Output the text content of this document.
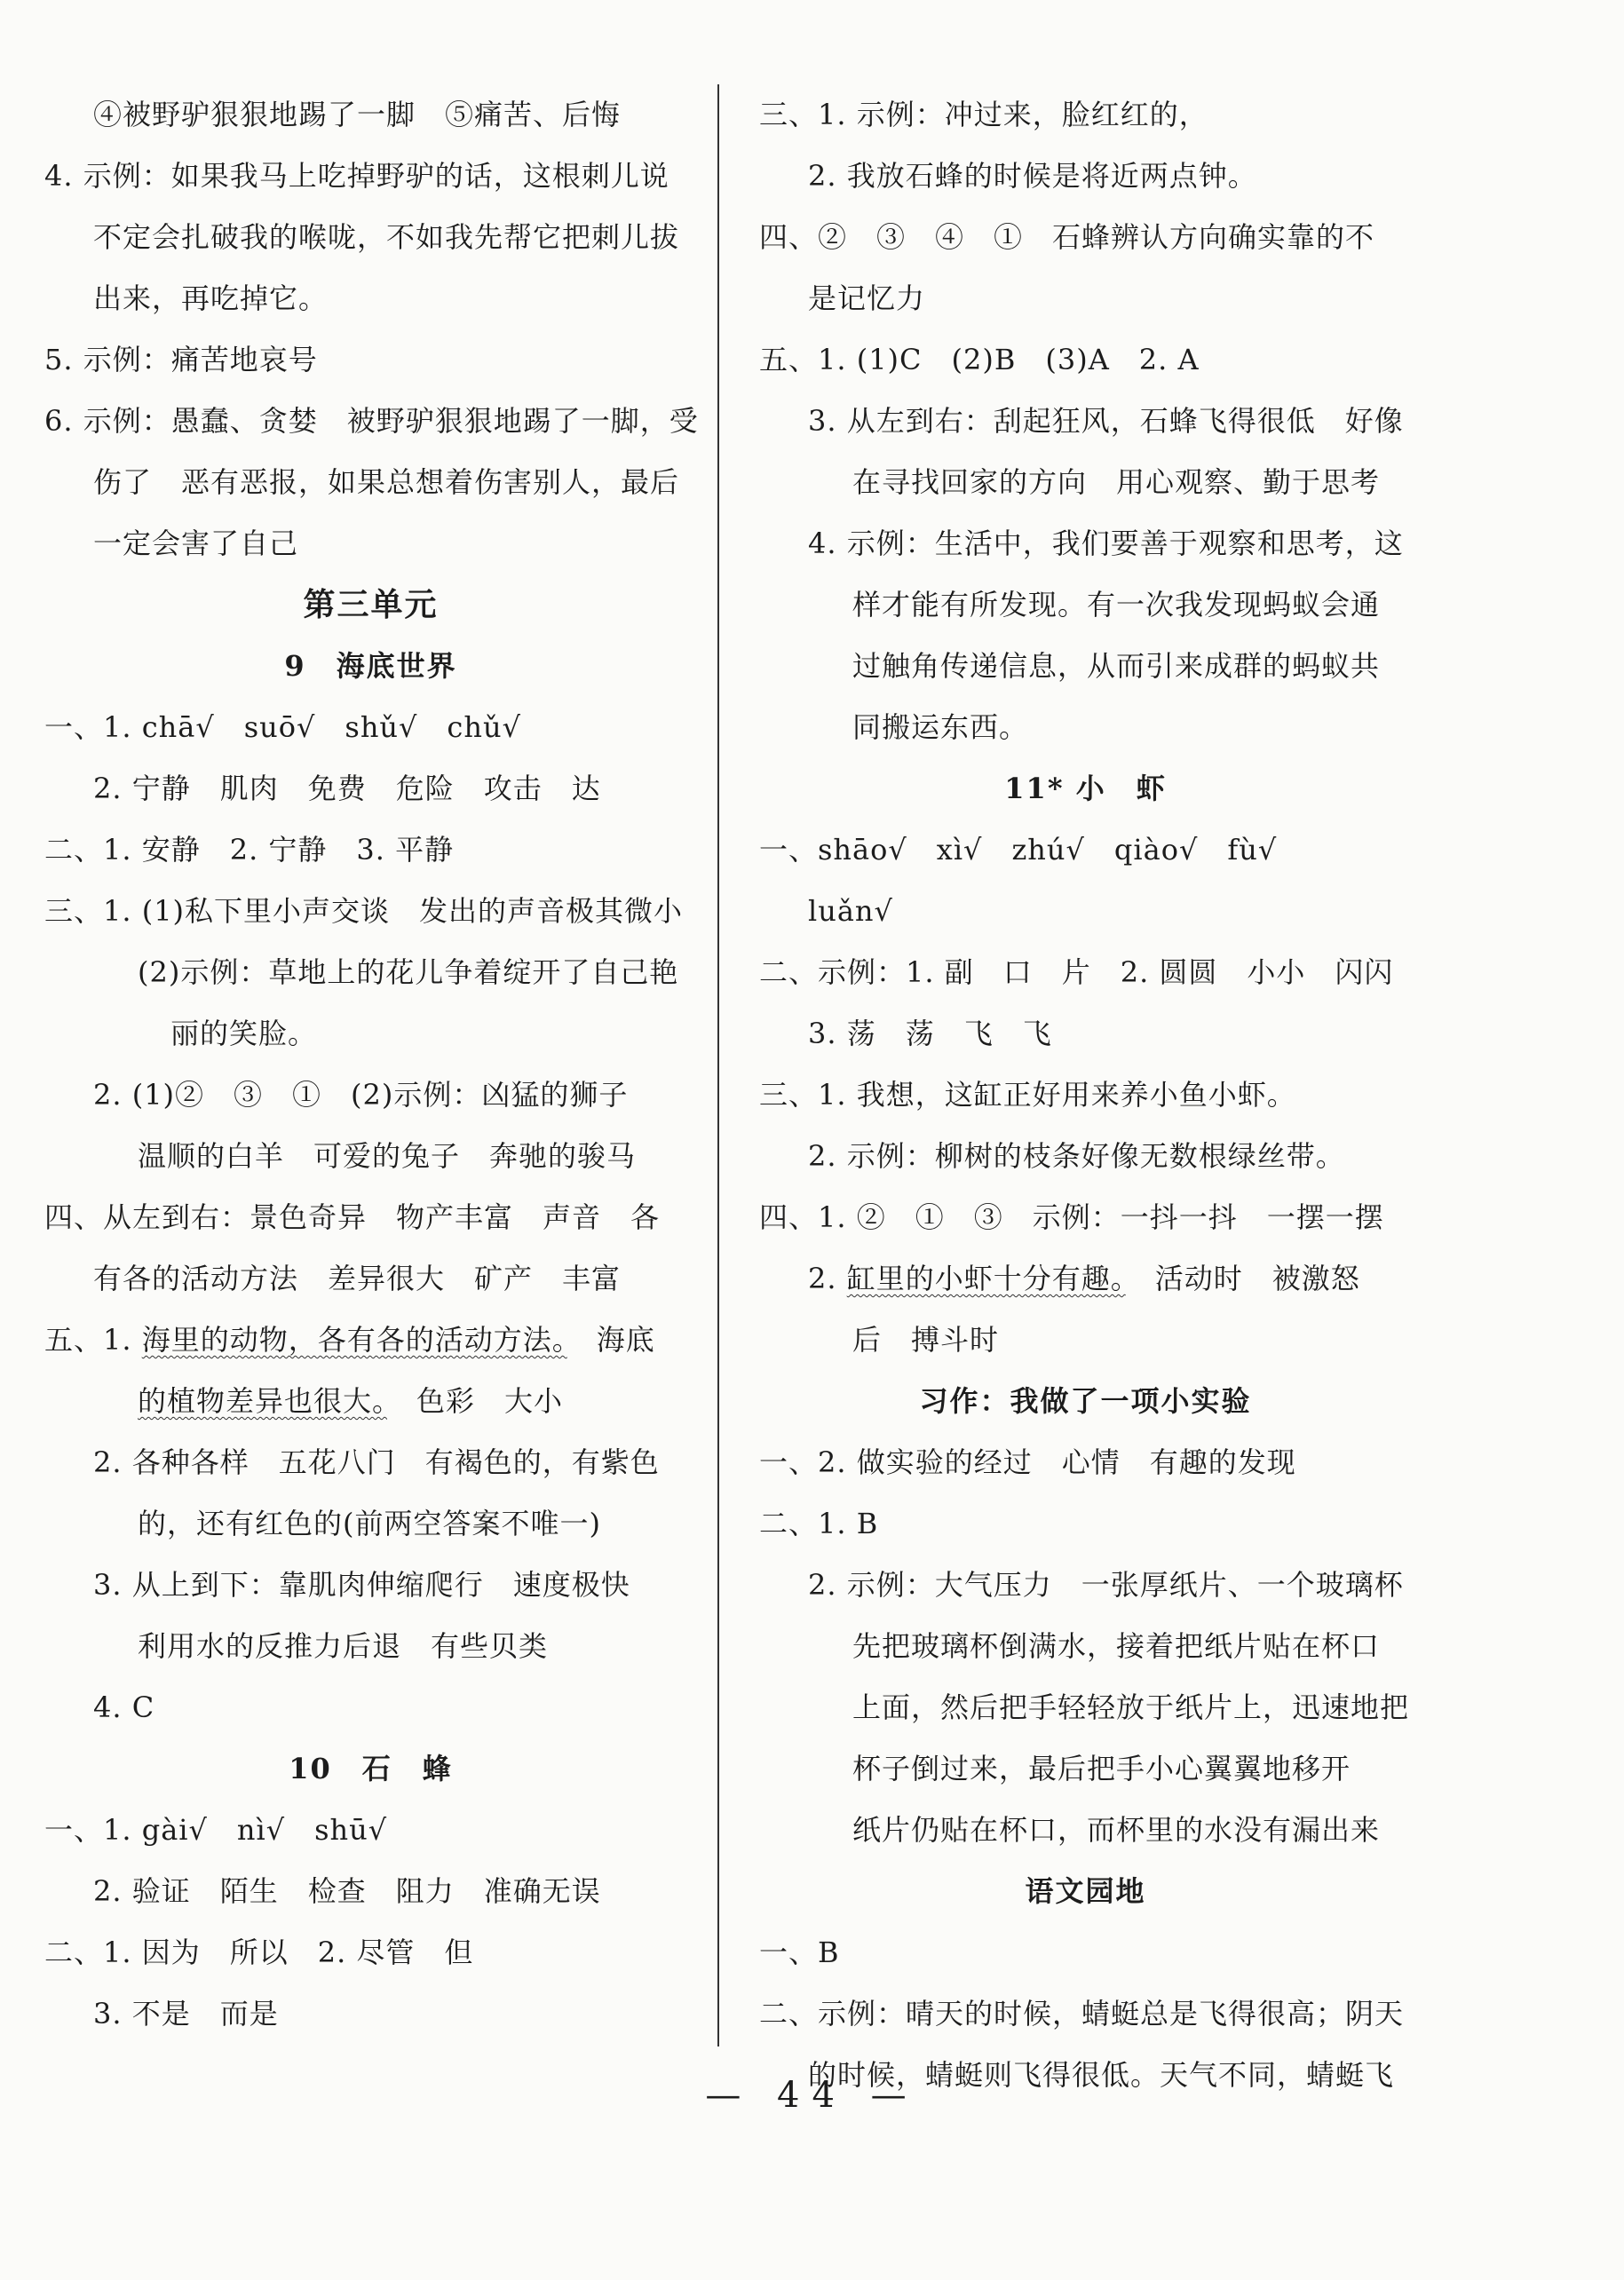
④被野驴狠狠地踢了一脚　⑤痛苦、后悔
4. 示例：如果我马上吃掉野驴的话，这根刺儿说
不定会扎破我的喉咙，不如我先帮它把刺儿拔
出来，再吃掉它。
5. 示例：痛苦地哀号
6. 示例：愚蠢、贪婪　被野驴狠狠地踢了一脚，受
伤了　恶有恶报，如果总想着伤害别人，最后
一定会害了自己
第三单元
9　海底世界
一、1. chā√　suō√　shǔ√　chǔ√
2. 宁静　肌肉　免费　危险　攻击　达
二、1. 安静　2. 宁静　3. 平静
三、1. (1)私下里小声交谈　发出的声音极其微小
(2)示例：草地上的花儿争着绽开了自己艳
丽的笑脸。
2. (1)②　③　①　(2)示例：凶猛的狮子
温顺的白羊　可爱的兔子　奔驰的骏马
四、从左到右：景色奇异　物产丰富　声音　各
有各的活动方法　差异很大　矿产　丰富
五、1. 海里的动物，各有各的活动方法。　海底
的植物差异也很大。　色彩　大小
2. 各种各样　五花八门　有褐色的，有紫色
的，还有红色的(前两空答案不唯一)
3. 从上到下：靠肌肉伸缩爬行　速度极快
利用水的反推力后退　有些贝类
4. C
10　石　蜂
一、1. gài√　nì√　shū√
2. 验证　陌生　检查　阻力　准确无误
二、1. 因为　所以　2. 尽管　但
3. 不是　而是
三、1. 示例：冲过来，脸红红的，
2. 我放石蜂的时候是将近两点钟。
四、②　③　④　①　石蜂辨认方向确实靠的不
是记忆力
五、1. (1)C　(2)B　(3)A　2. A
3. 从左到右：刮起狂风，石蜂飞得很低　好像
在寻找回家的方向　用心观察、勤于思考
4. 示例：生活中，我们要善于观察和思考，这
样才能有所发现。有一次我发现蚂蚁会通
过触角传递信息，从而引来成群的蚂蚁共
同搬运东西。
11* 小　虾
一、shāo√　xì√　zhú√　qiào√　fù√
luǎn√
二、示例：1. 副　口　片　2. 圆圆　小小　闪闪
3. 荡　荡　飞　飞
三、1. 我想，这缸正好用来养小鱼小虾。
2. 示例：柳树的枝条好像无数根绿丝带。
四、1. ②　①　③　示例：一抖一抖　一摆一摆
2. 缸里的小虾十分有趣。　活动时　被激怒
后　搏斗时
习作：我做了一项小实验
一、2. 做实验的经过　心情　有趣的发现
二、1. B
2. 示例：大气压力　一张厚纸片、一个玻璃杯
先把玻璃杯倒满水，接着把纸片贴在杯口
上面，然后把手轻轻放于纸片上，迅速地把
杯子倒过来，最后把手小心翼翼地移开
纸片仍贴在杯口，而杯里的水没有漏出来
语文园地
一、B
二、示例：晴天的时候，蜻蜓总是飞得很高；阴天
的时候，蜻蜓则飞得很低。天气不同，蜻蜓飞
— 44 —
